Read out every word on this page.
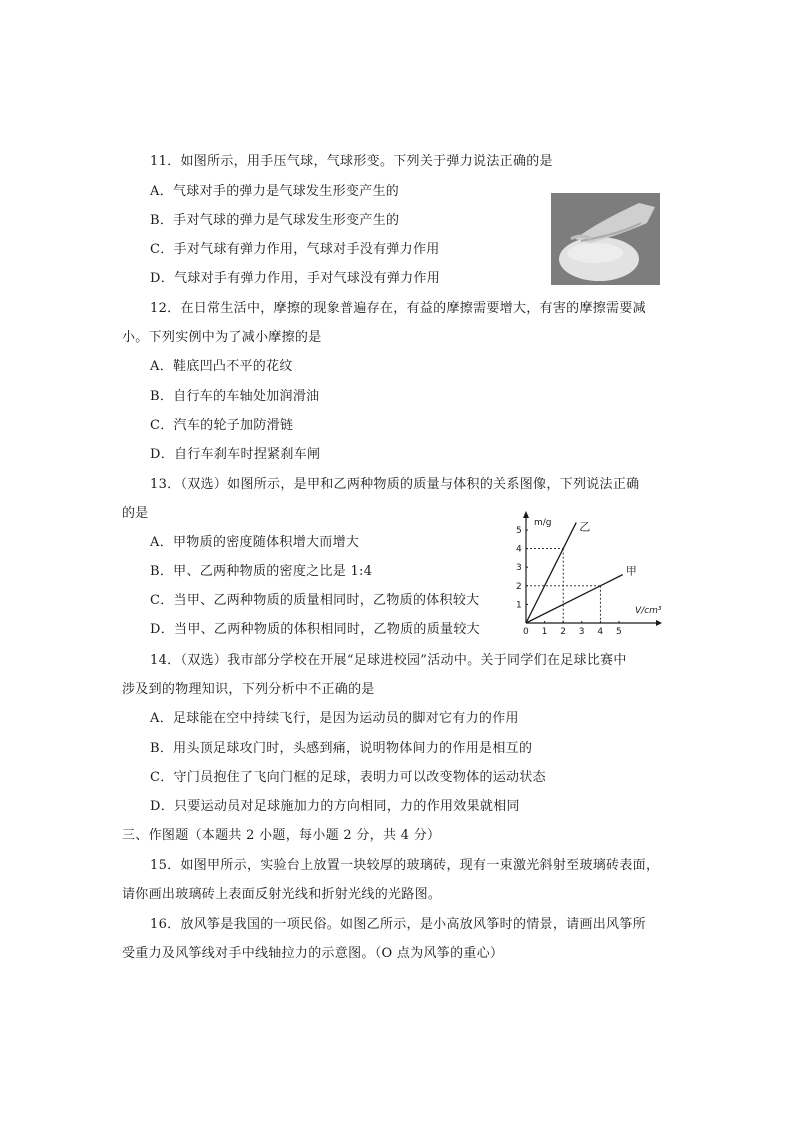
11．如图所示，用手压气球，气球形变。下列关于弹力说法正确的是
A．气球对手的弹力是气球发生形变产生的
B．手对气球的弹力是气球发生形变产生的
C．手对气球有弹力作用，气球对手没有弹力作用
D．气球对手有弹力作用，手对气球没有弹力作用
12．在日常生活中，摩擦的现象普遍存在，有益的摩擦需要增大，有害的摩擦需要减
小。下列实例中为了减小摩擦的是
A．鞋底凹凸不平的花纹
B．自行车的车轴处加润滑油
C．汽车的轮子加防滑链
D．自行车刹车时捏紧刹车闸
13．（双选）如图所示，是甲和乙两种物质的质量与体积的关系图像，下列说法正确
的是
A．甲物质的密度随体积增大而增大
B．甲、乙两种物质的密度之比是 1:4
C．当甲、乙两种物质的质量相同时，乙物质的体积较大
D．当甲、乙两种物质的体积相同时，乙物质的质量较大
m/g
V/cm³
0 1 2 3 4 5
1
2
3
4
5	乙
甲
14．（双选）我市部分学校在开展“足球进校园”活动中。关于同学们在足球比赛中
涉及到的物理知识，下列分析中不正确的是
A．足球能在空中持续飞行，是因为运动员的脚对它有力的作用
B．用头顶足球攻门时，头感到痛，说明物体间力的作用是相互的
C．守门员抱住了飞向门框的足球，表明力可以改变物体的运动状态
D．只要运动员对足球施加力的方向相同，力的作用效果就相同
三、作图题（本题共 2 小题，每小题 2 分，共 4 分）
15．如图甲所示，实验台上放置一块较厚的玻璃砖，现有一束激光斜射至玻璃砖表面，
请你画出玻璃砖上表面反射光线和折射光线的光路图。
16．放风筝是我国的一项民俗。如图乙所示，是小高放风筝时的情景，请画出风筝所
受重力及风筝线对手中线轴拉力的示意图。（O 点为风筝的重心）
